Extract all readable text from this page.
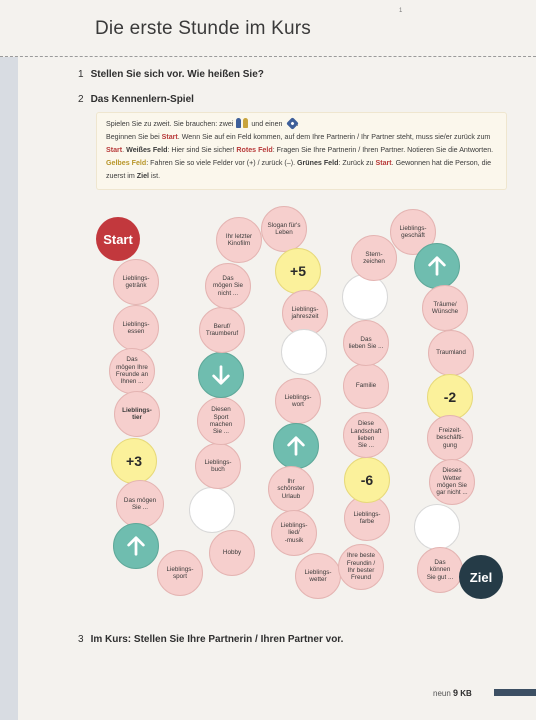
Die erste Stunde im Kurs
1
1 Stellen Sie sich vor. Wie heißen Sie?
2 Das Kennenlern-Spiel
Spielen Sie zu zweit. Sie brauchen: zwei	und einen
Beginnen Sie bei Start. Wenn Sie auf ein Feld kommen, auf dem Ihre Partnerin / Ihr Partner steht, muss sie/er zurück zum Start. Weißes Feld: Hier sind Sie sicher! Rotes Feld: Fragen Sie Ihre Partnerin / Ihren Partner. Notieren Sie die Antworten. Gelbes Feld: Fahren Sie so viele Felder vor (+) / zurück (–). Grünes Feld: Zurück zu Start. Gewonnen hat die Person, die zuerst im Ziel ist.
Start
Lieblings-
getränk
Lieblings-
essen
Das
mögen Ihre
Freunde an
Ihnen ...
Lieblings-
tier
+3
Das mögen
Sie ...
Lieblings-
sport
Hobby
Lieblings-
buch
Diesen
Sport
machen
Sie ...
Beruf/
Traumberuf
Das
mögen Sie
nicht ...
Ihr letzter
Kinofilm
Slogan für's
Leben
+5
Lieblings-
jahreszeit
Lieblings-
wort
Ihr
schönster
Urlaub
Lieblings-
lied/
-musik
Lieblings-
wetter
Ihre beste
Freundin /
Ihr bester
Freund
Lieblings-
farbe
-6
Diese
Landschaft
lieben
Sie ...
Familie
Das
lieben Sie ...
Stern-
zeichen
Lieblings-
geschäft
Träume/
Wünsche
Traumland
-2
Freizeit-
beschäfti-
gung
Dieses
Wetter
mögen Sie
gar nicht ...
Das
können
Sie gut ...	Ziel
3 Im Kurs: Stellen Sie Ihre Partnerin / Ihren Partner vor.
neun 9 KB
